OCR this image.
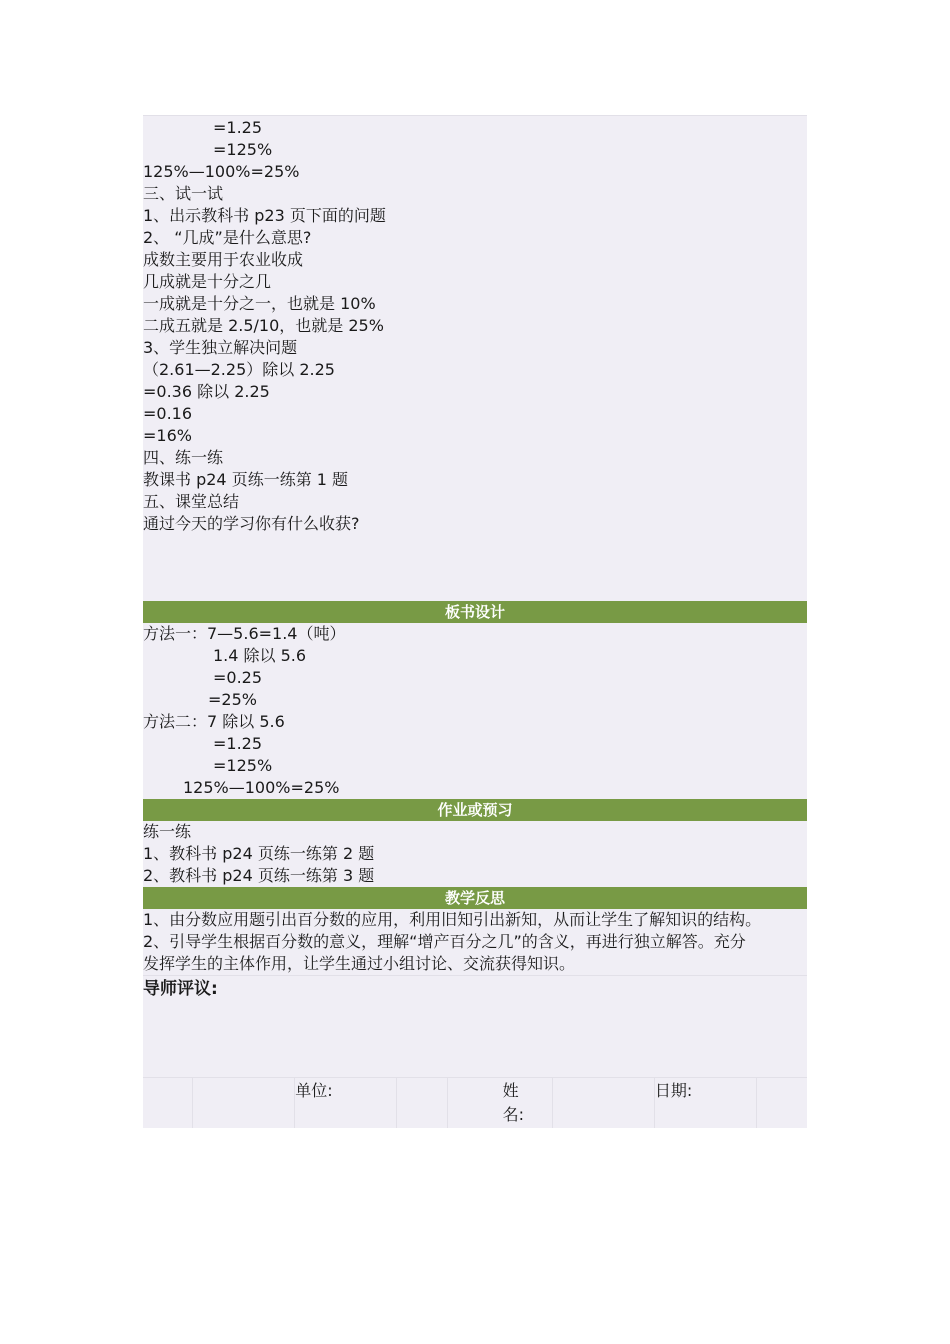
=1.25
=125%
125%—100%=25%
三、试一试
1、出示教科书 p23 页下面的问题
2、 “几成”是什么意思?
成数主要用于农业收成
几成就是十分之几
一成就是十分之一，也就是 10%
二成五就是 2.5/10，也就是 25%
3、学生独立解决问题
（2.61—2.25）除以 2.25
=0.36 除以 2.25
=0.16
=16%
四、练一练
教课书 p24 页练一练第 1 题
五、课堂总结
通过今天的学习你有什么收获?
板书设计
方法一：7—5.6=1.4（吨）
1.4 除以 5.6
=0.25
=25%
方法二：7 除以 5.6
=1.25
=125%
125%—100%=25%
作业或预习
练一练
1、教科书 p24 页练一练第 2 题
2、教科书 p24 页练一练第 3 题
教学反思
1、由分数应用题引出百分数的应用，利用旧知引出新知，从而让学生了解知识的结构。
2、引导学生根据百分数的意义，理解“增产百分之几”的含义，再进行独立解答。充分
发挥学生的主体作用，让学生通过小组讨论、交流获得知识。
导师评议:
单位:	姓
名:
日期:
